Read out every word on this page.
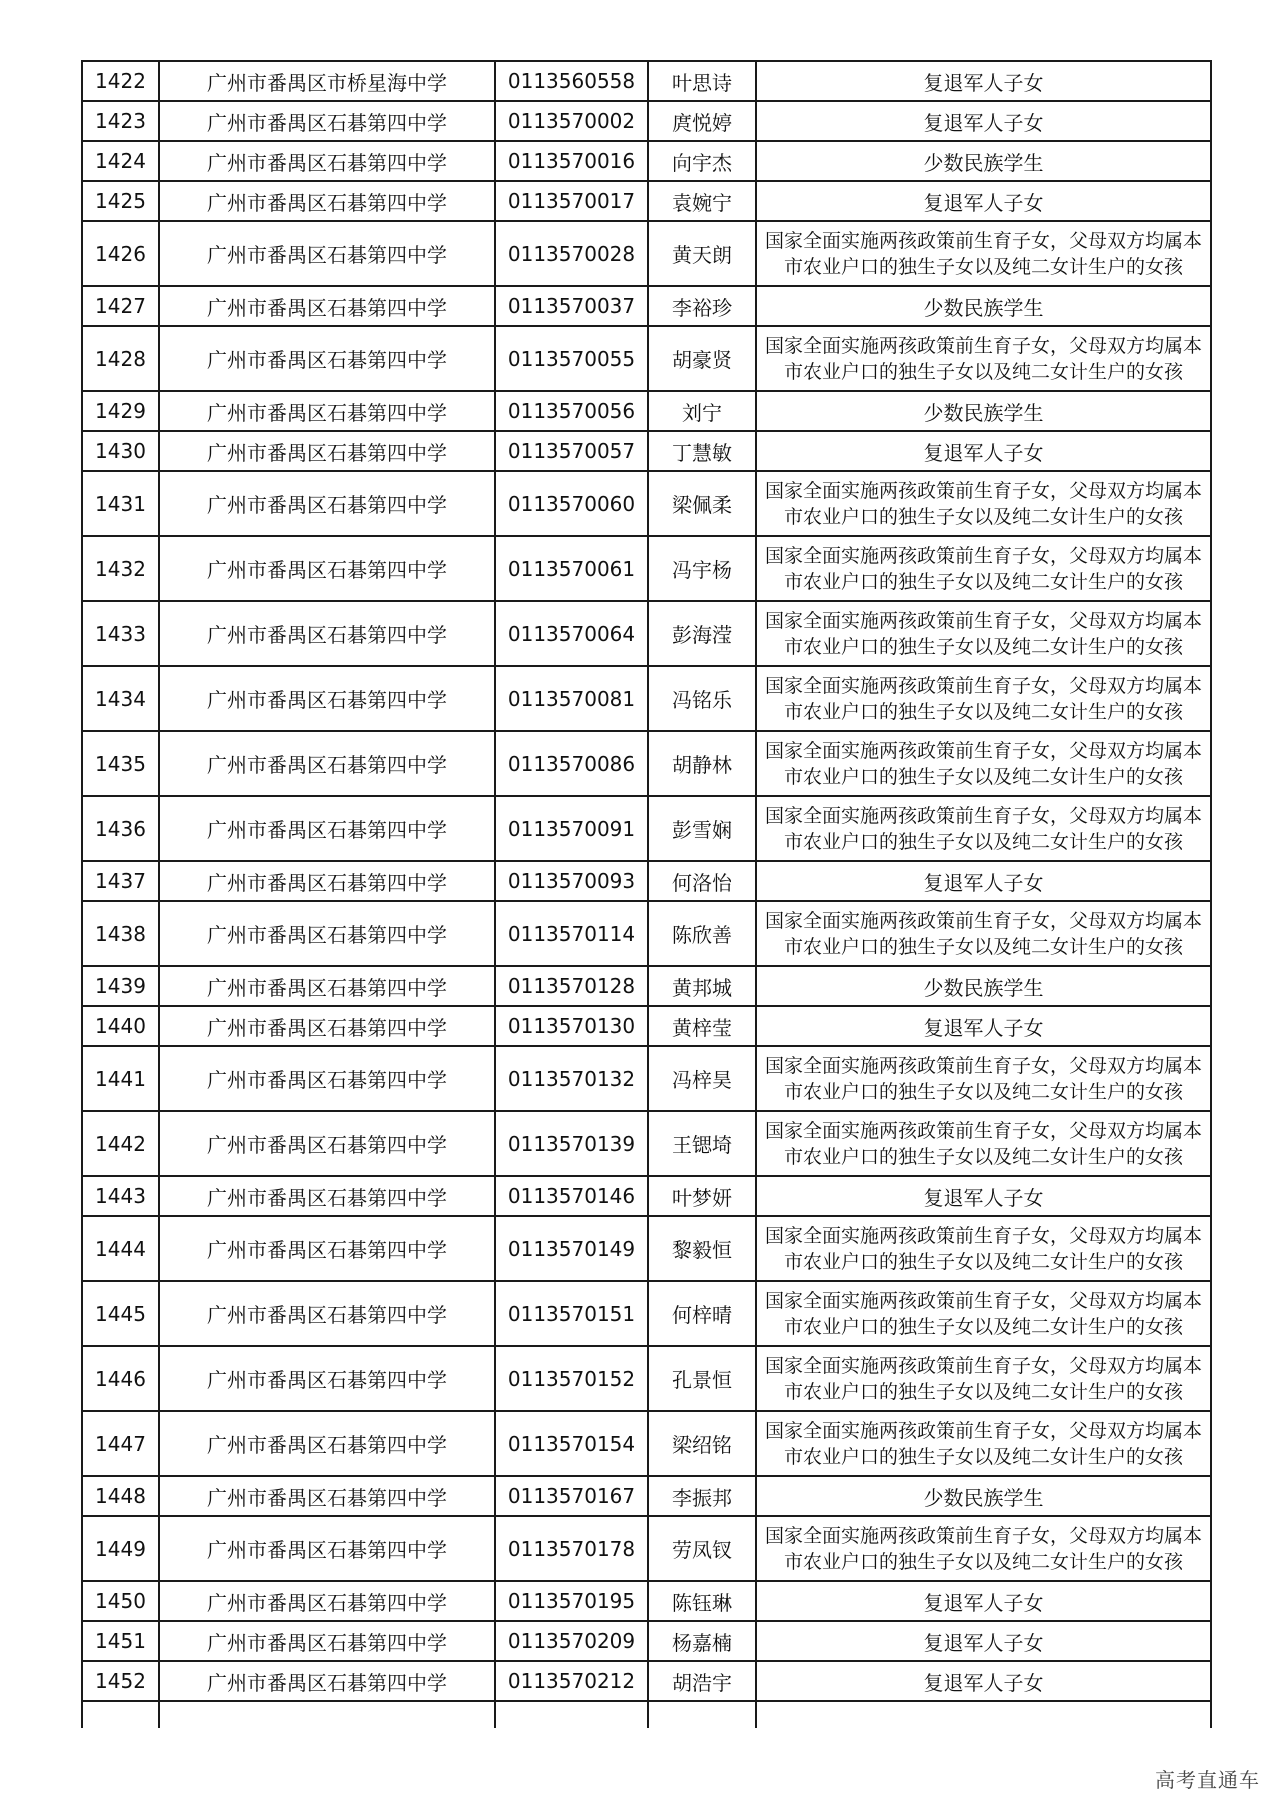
1422	广州市番禺区市桥星海中学	0113560558	叶思诗	复退军人子女
1423	广州市番禺区石碁第四中学	0113570002	庹悦婷	复退军人子女
1424	广州市番禺区石碁第四中学	0113570016	向宇杰	少数民族学生
1425	广州市番禺区石碁第四中学	0113570017	袁婉宁	复退军人子女
1426	广州市番禺区石碁第四中学	0113570028	黄天朗	国家全面实施两孩政策前生育子女，父母双方均属本市农业户口的独生子女以及纯二女计生户的女孩
1427	广州市番禺区石碁第四中学	0113570037	李裕珍	少数民族学生
1428	广州市番禺区石碁第四中学	0113570055	胡豪贤	国家全面实施两孩政策前生育子女，父母双方均属本市农业户口的独生子女以及纯二女计生户的女孩
1429	广州市番禺区石碁第四中学	0113570056	刘宁	少数民族学生
1430	广州市番禺区石碁第四中学	0113570057	丁慧敏	复退军人子女
1431	广州市番禺区石碁第四中学	0113570060	梁佩柔	国家全面实施两孩政策前生育子女，父母双方均属本市农业户口的独生子女以及纯二女计生户的女孩
1432	广州市番禺区石碁第四中学	0113570061	冯宇杨	国家全面实施两孩政策前生育子女，父母双方均属本市农业户口的独生子女以及纯二女计生户的女孩
1433	广州市番禺区石碁第四中学	0113570064	彭海滢	国家全面实施两孩政策前生育子女，父母双方均属本市农业户口的独生子女以及纯二女计生户的女孩
1434	广州市番禺区石碁第四中学	0113570081	冯铭乐	国家全面实施两孩政策前生育子女，父母双方均属本市农业户口的独生子女以及纯二女计生户的女孩
1435	广州市番禺区石碁第四中学	0113570086	胡静林	国家全面实施两孩政策前生育子女，父母双方均属本市农业户口的独生子女以及纯二女计生户的女孩
1436	广州市番禺区石碁第四中学	0113570091	彭雪娴	国家全面实施两孩政策前生育子女，父母双方均属本市农业户口的独生子女以及纯二女计生户的女孩
1437	广州市番禺区石碁第四中学	0113570093	何洛怡	复退军人子女
1438	广州市番禺区石碁第四中学	0113570114	陈欣善	国家全面实施两孩政策前生育子女，父母双方均属本市农业户口的独生子女以及纯二女计生户的女孩
1439	广州市番禺区石碁第四中学	0113570128	黄邦城	少数民族学生
1440	广州市番禺区石碁第四中学	0113570130	黄梓莹	复退军人子女
1441	广州市番禺区石碁第四中学	0113570132	冯梓昊	国家全面实施两孩政策前生育子女，父母双方均属本市农业户口的独生子女以及纯二女计生户的女孩
1442	广州市番禺区石碁第四中学	0113570139	王锶埼	国家全面实施两孩政策前生育子女，父母双方均属本市农业户口的独生子女以及纯二女计生户的女孩
1443	广州市番禺区石碁第四中学	0113570146	叶梦妍	复退军人子女
1444	广州市番禺区石碁第四中学	0113570149	黎毅恒	国家全面实施两孩政策前生育子女，父母双方均属本市农业户口的独生子女以及纯二女计生户的女孩
1445	广州市番禺区石碁第四中学	0113570151	何梓晴	国家全面实施两孩政策前生育子女，父母双方均属本市农业户口的独生子女以及纯二女计生户的女孩
1446	广州市番禺区石碁第四中学	0113570152	孔景恒	国家全面实施两孩政策前生育子女，父母双方均属本市农业户口的独生子女以及纯二女计生户的女孩
1447	广州市番禺区石碁第四中学	0113570154	梁绍铭	国家全面实施两孩政策前生育子女，父母双方均属本市农业户口的独生子女以及纯二女计生户的女孩
1448	广州市番禺区石碁第四中学	0113570167	李振邦	少数民族学生
1449	广州市番禺区石碁第四中学	0113570178	劳凤钗	国家全面实施两孩政策前生育子女，父母双方均属本市农业户口的独生子女以及纯二女计生户的女孩
1450	广州市番禺区石碁第四中学	0113570195	陈钰琳	复退军人子女
1451	广州市番禺区石碁第四中学	0113570209	杨嘉楠	复退军人子女
1452	广州市番禺区石碁第四中学	0113570212	胡浩宇	复退军人子女

高考直通车
